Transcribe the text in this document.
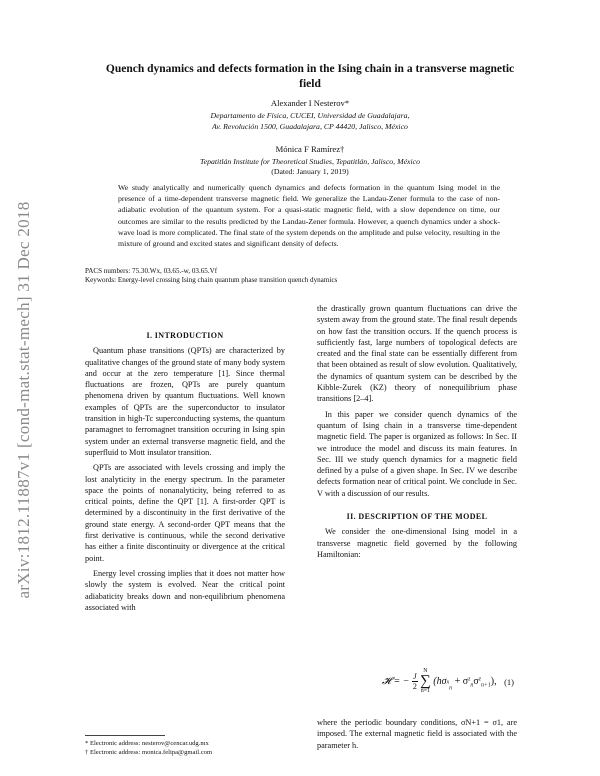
arXiv:1812.11887v1 [cond-mat.stat-mech] 31 Dec 2018
Quench dynamics and defects formation in the Ising chain in a transverse magnetic field
Alexander I Nesterov*
Departamento de Física, CUCEI, Universidad de Guadalajara,
Av. Revolución 1500, Guadalajara, CP 44420, Jalisco, México
Mónica F Ramírez†
Tepatitlán Institute for Theoretical Studies, Tepatitlán, Jalisco, México
(Dated: January 1, 2019)
We study analytically and numerically quench dynamics and defects formation in the quantum Ising model in the presence of a time-dependent transverse magnetic field. We generalize the Landau-Zener formula to the case of non-adiabatic evolution of the quantum system. For a quasi-static magnetic field, with a slow dependence on time, our outcomes are similar to the results predicted by the Landau-Zener formula. However, a quench dynamics under a shock-wave load is more complicated. The final state of the system depends on the amplitude and pulse velocity, resulting in the mixture of ground and excited states and significant density of defects.
PACS numbers: 75.30.Wx, 03.65.-w, 03.65.Vf
Keywords: Energy-level crossing Ising chain quantum phase transition quench dynamics

I. INTRODUCTION

Quantum phase transitions (QPTs) are characterized by qualitative changes of the ground state of many body system and occur at the zero temperature [1]. Since thermal fluctuations are frozen, QPTs are purely quantum phenomena driven by quantum fluctuations. Well known examples of QPTs are the superconductor to insulator transition in high-Tc superconducting systems, the quantum paramagnet to ferromagnet transition occuring in Ising spin system under an external transverse magnetic field, and the superfluid to Mott insulator transition.

QPTs are associated with levels crossing and imply the lost analyticity in the energy spectrum. In the parameter space the points of nonanalyticity, being referred to as critical points, define the QPT [1]. A first-order QPT is determined by a discontinuity in the first derivative of the ground state energy. A second-order QPT means that the first derivative is continuous, while the second derivative has either a finite discontinuity or divergence at the critical point.

Energy level crossing implies that it does not matter how slowly the system is evolved. Near the critical point adiabaticity breaks down and non-equilibrium phenomena associated with

the drastically grown quantum fluctuations can drive the system away from the ground state. The final result depends on how fast the transition occurs. If the quench process is sufficiently fast, large numbers of topological defects are created and the final state can be essentially different from that been obtained as result of slow evolution. Qualitatively, the dynamics of quantum system can be described by the Kibble-Zurek (KZ) theory of nonequilibrium phase transitions [2–4].

In this paper we consider quench dynamics of the quantum of Ising chain in a transverse time-dependent magnetic field. The paper is organized as follows: In Sec. II we introduce the model and discuss its main features. In Sec. III we study quench dynamics for a magnetic field defined by a pulse of a given shape. In Sec. IV we describe defects formation near of critical point. We conclude in Sec. V with a discussion of our results.

II. DESCRIPTION OF THE MODEL

We consider the one-dimensional Ising model in a transverse magnetic field governed by the following Hamiltonian:

𝓗 = − $\frac{J}{2}$

N
∑
n=1
$(h\sigma_{^x_n} + \sigma^z_n\sigma^z_{n+1})$, (1)

where the periodic boundary conditions, σN+1 = σ1, are imposed. The external magnetic field is associated with the parameter h.

* Electronic address: nesterov@cencar.udg.mx
† Electronic address: monica.felipa@gmail.com
